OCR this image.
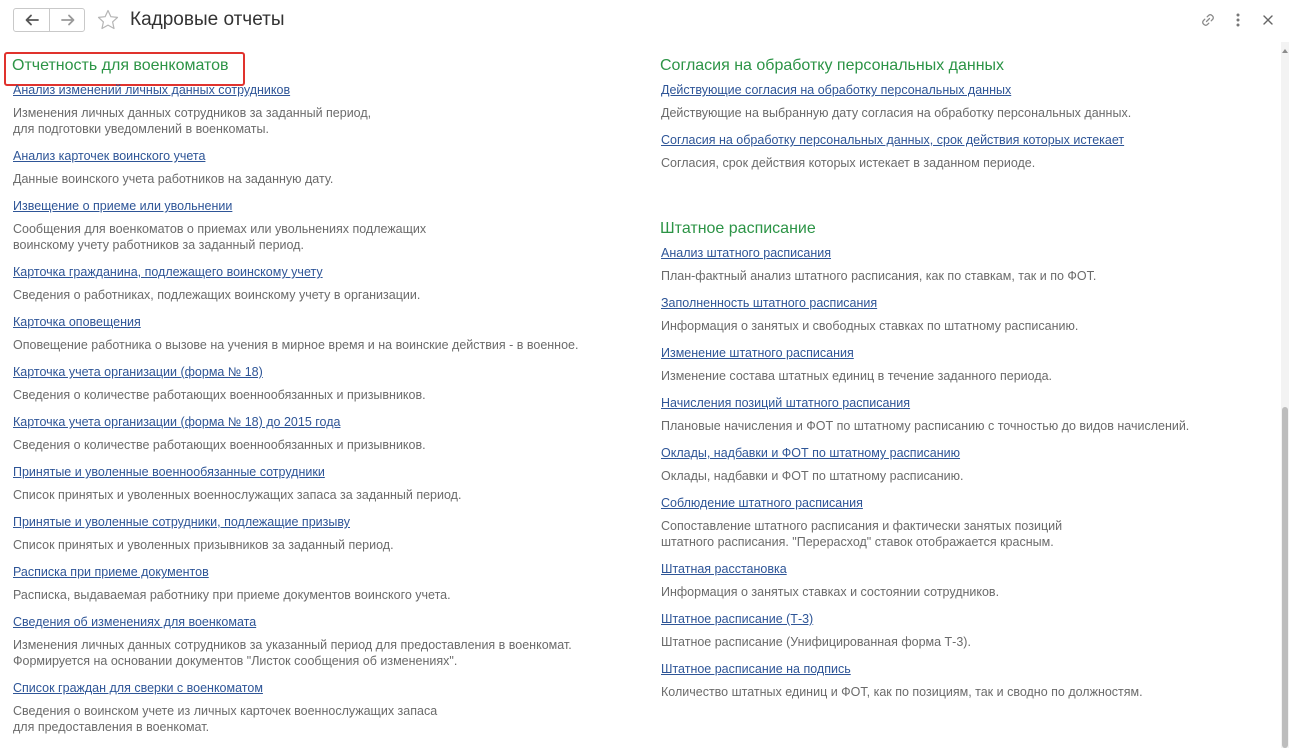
Кадровые отчеты
Отчетность для военкоматов
Анализ изменений личных данных сотрудников
Изменения личных данных сотрудников за заданный период,
для подготовки уведомлений в военкоматы.
Анализ карточек воинского учета
Данные воинского учета работников на заданную дату.
Извещение о приеме или увольнении
Сообщения для военкоматов о приемах или увольнениях подлежащих
воинскому учету работников за заданный период.
Карточка гражданина, подлежащего воинскому учету
Сведения о работниках, подлежащих воинскому учету в организации.
Карточка оповещения
Оповещение работника о вызове на учения в мирное время и на воинские действия - в военное.
Карточка учета организации (форма № 18)
Сведения о количестве работающих военнообязанных и призывников.
Карточка учета организации (форма № 18) до 2015 года
Сведения о количестве работающих военнообязанных и призывников.
Принятые и уволенные военнообязанные сотрудники
Список принятых и уволенных военнослужащих запаса за заданный период.
Принятые и уволенные сотрудники, подлежащие призыву
Список принятых и уволенных призывников за заданный период.
Расписка при приеме документов
Расписка, выдаваемая работнику при приеме документов воинского учета.
Сведения об изменениях для военкомата
Изменения личных данных сотрудников за указанный период для предоставления в военкомат.
Формируется на основании документов "Листок сообщения об изменениях".
Список граждан для сверки с военкоматом
Сведения о воинском учете из личных карточек военнослужащих запаса
для предоставления в военкомат.
Согласия на обработку персональных данных
Действующие согласия на обработку персональных данных
Действующие на выбранную дату согласия на обработку персональных данных.
Согласия на обработку персональных данных, срок действия которых истекает
Согласия, срок действия которых истекает в заданном периоде.
Штатное расписание
Анализ штатного расписания
План-фактный анализ штатного расписания, как по ставкам, так и по ФОТ.
Заполненность штатного расписания
Информация о занятых и свободных ставках по штатному расписанию.
Изменение штатного расписания
Изменение состава штатных единиц в течение заданного периода.
Начисления позиций штатного расписания
Плановые начисления и ФОТ по штатному расписанию с точностью до видов начислений.
Оклады, надбавки и ФОТ по штатному расписанию
Оклады, надбавки и ФОТ по штатному расписанию.
Соблюдение штатного расписания
Сопоставление штатного расписания и фактически занятых позиций
штатного расписания. "Перерасход" ставок отображается красным.
Штатная расстановка
Информация о занятых ставках и состоянии сотрудников.
Штатное расписание (Т-3)
Штатное расписание (Унифицированная форма Т-3).
Штатное расписание на подпись
Количество штатных единиц и ФОТ, как по позициям, так и сводно по должностям.
